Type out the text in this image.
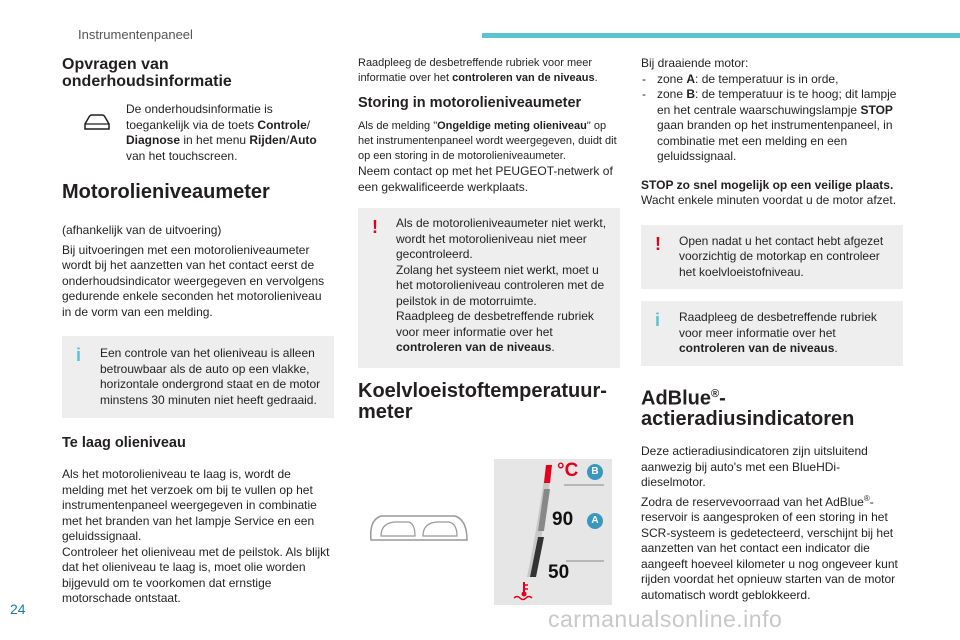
Instrumentenpaneel
Opvragen van onderhoudsinformatie

De onderhoudsinformatie is toegankelijk via de toets Controle/ Diagnose in het menu Rijden/Auto van het touchscreen.

Motorolieniveaumeter

(afhankelijk van de uitvoering)

Bij uitvoeringen met een motorolieniveaumeter wordt bij het aanzetten van het contact eerst de onderhoudsindicator weergegeven en vervolgens gedurende enkele seconden het motorolieniveau in de vorm van een melding.

i Een controle van het olieniveau is alleen betrouwbaar als de auto op een vlakke, horizontale ondergrond staat en de motor minstens 30 minuten niet heeft gedraaid.

Te laag olieniveau

Als het motorolieniveau te laag is, wordt de melding met het verzoek om bij te vullen op het instrumentenpaneel weergegeven in combinatie met het branden van het lampje Service en een geluidssignaal.

Controleer het olieniveau met de peilstok. Als blijkt dat het olieniveau te laag is, moet olie worden bijgevuld om te voorkomen dat ernstige motorschade ontstaat.

Raadpleeg de desbetreffende rubriek voor meer informatie over het controleren van de niveaus.

Storing in motorolieniveaumeter

Als de melding "Ongeldige meting olieniveau" op het instrumentenpaneel wordt weergegeven, duidt dit op een storing in de motorolieniveaumeter.

Neem contact op met het PEUGEOT-netwerk of een gekwalificeerde werkplaats.

! Als de motorolieniveaumeter niet werkt, wordt het motorolieniveau niet meer gecontroleerd.

Zolang het systeem niet werkt, moet u het motorolieniveau controleren met de peilstok in de motorruimte.

Raadpleeg de desbetreffende rubriek voor meer informatie over het controleren van de niveaus.

Koelvloeistoftemperatuur-meter
°C	B
90	A
50

Bij draaiende motor:

- zone A: de temperatuur is in orde,
- zone B: de temperatuur is te hoog; dit lampje en het centrale waarschuwingslampje STOP gaan branden op het instrumentenpaneel, in combinatie met een melding en een geluidssignaal.

STOP zo snel mogelijk op een veilige plaats.

Wacht enkele minuten voordat u de motor afzet.

! Open nadat u het contact hebt afgezet voorzichtig de motorkap en controleer het koelvloeistofniveau.

i Raadpleeg de desbetreffende rubriek voor meer informatie over het controleren van de niveaus.

AdBlue®-
actieradiusindicatoren

Deze actieradiusindicatoren zijn uitsluitend aanwezig bij auto's met een BlueHDi-dieselmotor.

Zodra de reservevoorraad van het AdBlue®-reservoir is aangesproken of een storing in het SCR-systeem is gedetecteerd, verschijnt bij het aanzetten van het contact een indicator die aangeeft hoeveel kilometer u nog ongeveer kunt rijden voordat het opnieuw starten van de motor automatisch wordt geblokkeerd.

24	carmanualsonline.info
